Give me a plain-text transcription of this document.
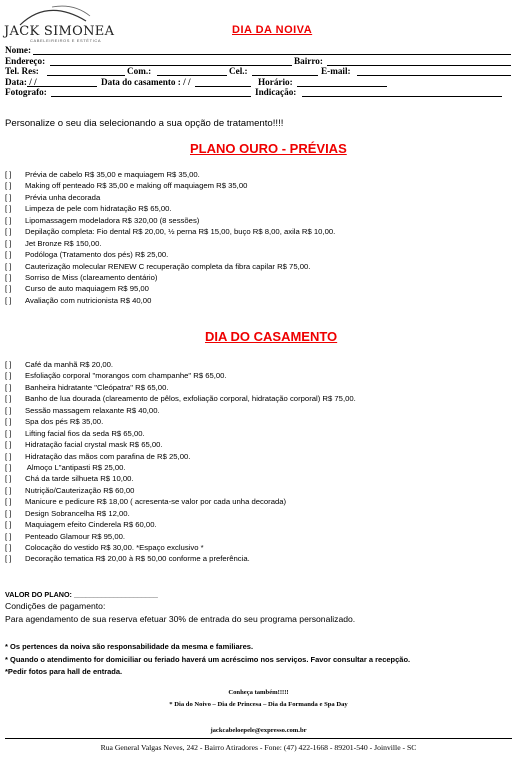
JACK SIMONEA
CABELEIREIROS E ESTÉTICA
DIA DA NOIVA
Nome:
Endereço:	Bairro:
Tel. Res:	Com.:	Cel.:	E-mail:
Data: / /	Data do casamento : / /	Horário:
Fotografo:	Indicação:
Personalize o seu dia selecionando a sua opção de tratamento!!!!
PLANO OURO - PRÉVIAS
[ ] Prévia de cabelo R$ 35,00 e maquiagem R$ 35,00.
[ ] Making off penteado R$ 35,00 e making off maquiagem R$ 35,00
[ ] Prévia unha decorada
[ ] Limpeza de pele com hidratação R$ 65,00.
[ ] Lipomassagem modeladora R$ 320,00 (8 sessões)
[ ] Depilação completa: Fio dental R$ 20,00, ½ perna R$ 15,00, buço R$ 8,00, axila R$ 10,00.
[ ] Jet Bronze R$ 150,00.
[ ] Podóloga (Tratamento dos pés) R$ 25,00.
[ ] Cauterização molecular RENEW C recuperação completa da fibra capilar R$ 75,00.
[ ] Sorriso de Miss (clareamento dentário)
[ ] Curso de auto maquiagem R$ 95,00
[ ] Avaliação com nutricionista R$ 40,00
DIA DO CASAMENTO
[ ] Café da manhã R$ 20,00.
[ ] Esfoliação corporal "morangos com champanhe" R$ 65,00.
[ ] Banheira hidratante "Cleópatra" R$ 65,00.
[ ] Banho de lua dourada (clareamento de pêlos, exfoliação corporal, hidratação corporal) R$ 75,00.
[ ] Sessão massagem relaxante R$ 40,00.
[ ] Spa dos pés R$ 35,00.
[ ] Lifting facial fios da seda R$ 65,00.
[ ] Hidratação facial crystal mask R$ 65,00.
[ ] Hidratação das mãos com parafina de R$ 25,00.
[ ] Almoço L"antipasti R$ 25,00.
[ ] Chá da tarde silhueta R$ 10,00.
[ ] Nutrição/Cauterização R$ 60,00
[ ] Manicure e pedicure R$ 18,00 ( acresenta-se valor por cada unha decorada)
[ ] Design Sobrancelha R$ 12,00.
[ ] Maquiagem efeito Cinderela R$ 60,00.
[ ] Penteado Glamour R$ 95,00.
[ ] Colocação do vestido R$ 30,00. *Espaço exclusivo *
[ ] Decoração tematica R$ 20,00 à R$ 50,00 conforme a preferência.
VALOR DO PLANO: _____________________
Condições de pagamento:
Para agendamento de sua reserva efetuar 30% de entrada do seu programa personalizado.
* Os pertences da noiva são responsabilidade da mesma e familiares.
* Quando o atendimento for domiciliar ou feriado haverá um acréscimo nos serviços. Favor consultar a recepção.
*Pedir fotos para hall de entrada.
Conheça também!!!!!
* Dia do Noivo – Dia de Princesa – Dia da Formanda e Spa Day
jackcabeloepele@expresso.com.br
Rua General Valgas Neves, 242 - Bairro Atiradores - Fone: (47) 422-1668 - 89201-540 - Joinville - SC
